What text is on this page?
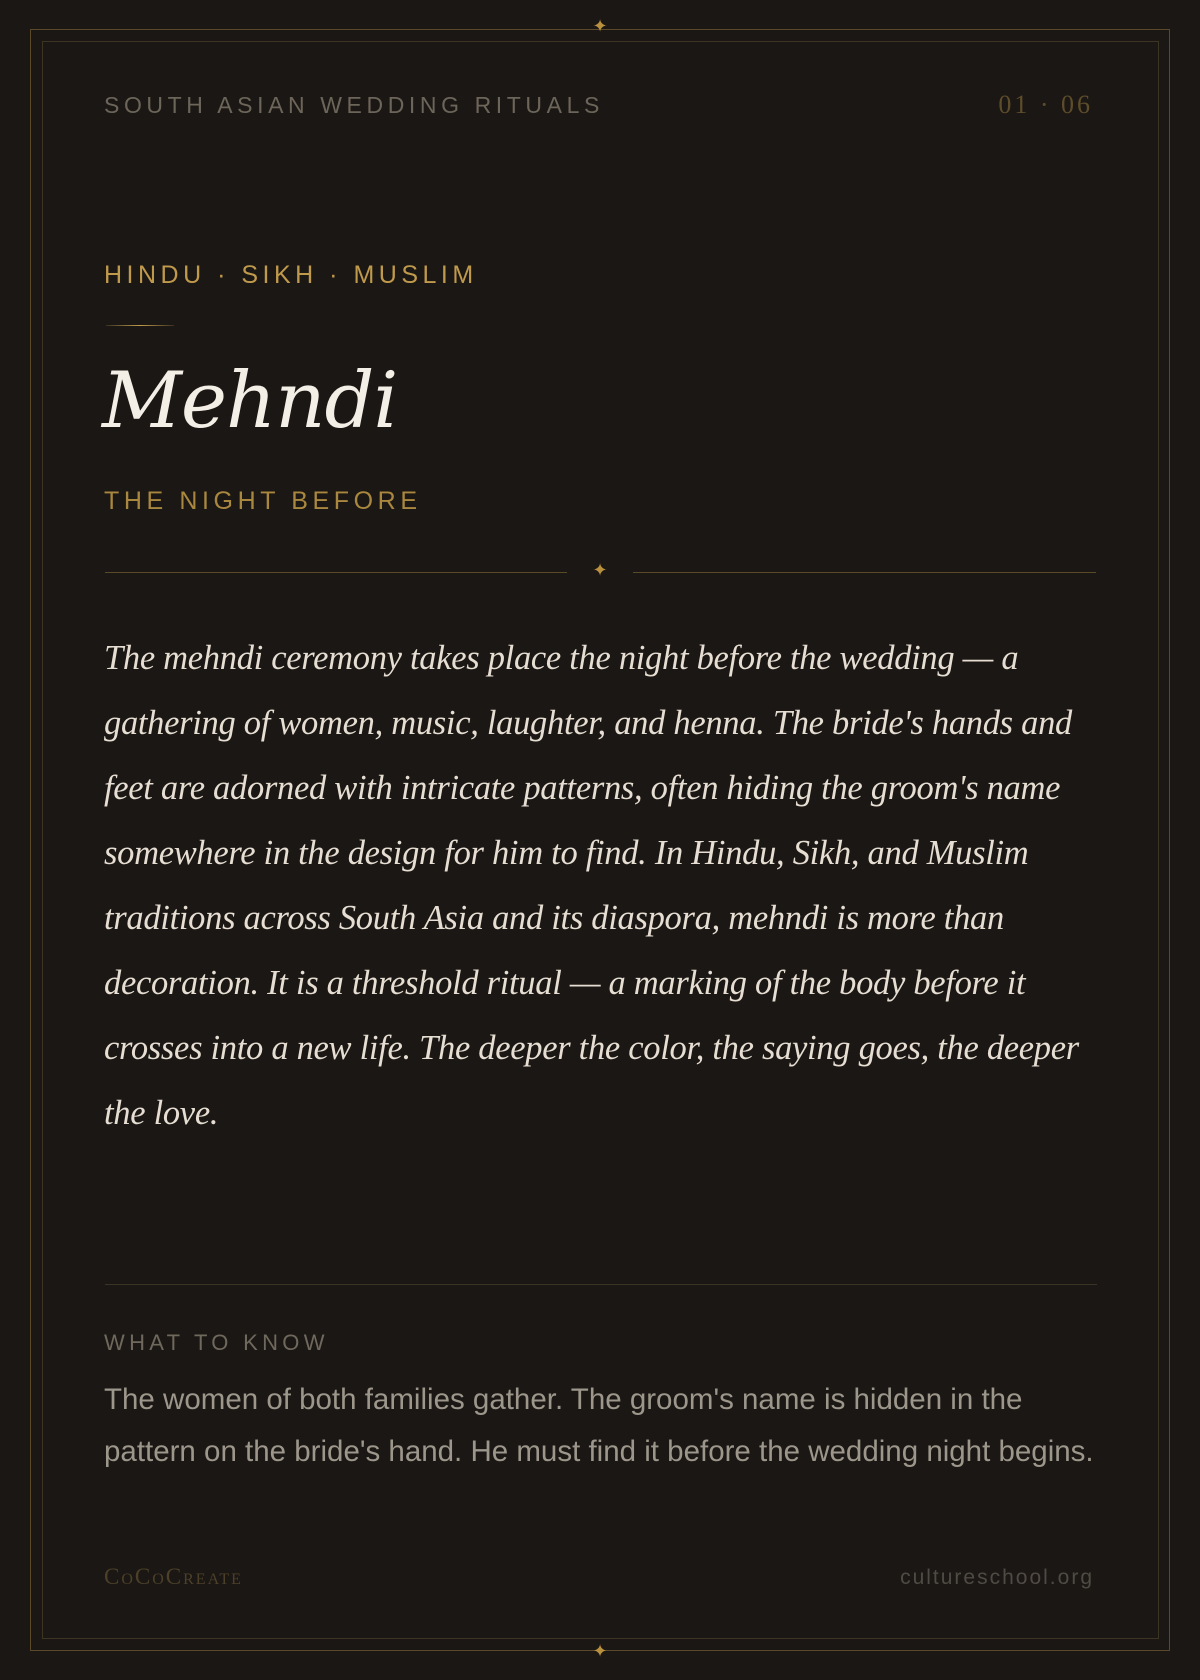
✦
✦
SOUTH ASIAN WEDDING RITUALS	01 · 06
HINDU · SIKH · MUSLIM
Mehndi
THE NIGHT BEFORE
✦

The mehndi ceremony takes place the night before the wedding — a gathering of women, music, laughter, and henna. The bride's hands and feet are adorned with intricate patterns, often hiding the groom's name somewhere in the design for him to find. In Hindu, Sikh, and Muslim traditions across South Asia and its diaspora, mehndi is more than decoration. It is a threshold ritual — a marking of the body before it crosses into a new life. The deeper the color, the saying goes, the deeper the love.

WHAT TO KNOW

The women of both families gather. The groom's name is hidden in the pattern on the bride's hand. He must find it before the wedding night begins.

CoCoCreate	cultureschool.org
